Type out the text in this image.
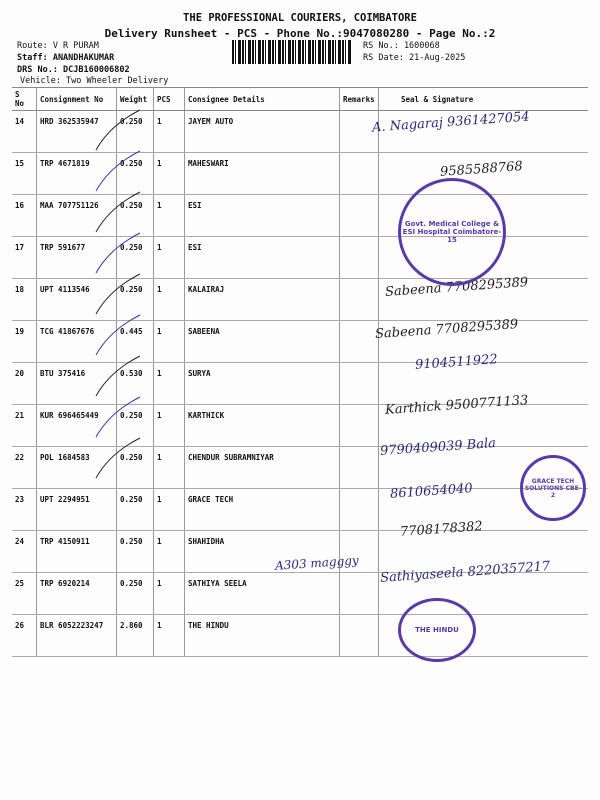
THE PROFESSIONAL COURIERS, COIMBATORE
Delivery Runsheet - PCS - Phone No.:9047080280 - Page No.:2
Route: V R PURAM
Staff: ANANDHAKUMAR
DRS No.: DCJB160006802
Vehicle: Two Wheeler Delivery
RS No.: 1600068
RS Date: 21-Aug-2025
S No	Consignment No	Weight	PCS	Consignee Details	Remarks	Seal & Signature
14	HRD 362535947	0.250	1	JAYEM AUTO		
15	TRP 4671819	0.250	1	MAHESWARI		
16	MAA 707751126	0.250	1	ESI		
17	TRP 591677	0.250	1	ESI		
18	UPT 4113546	0.250	1	KALAIRAJ		
19	TCG 41867676	0.445	1	SABEENA		
20	BTU 375416	0.530	1	SURYA		
21	KUR 696465449	0.250	1	KARTHICK		
22	POL 1684583	0.250	1	CHENDUR SUBRAMNIYAR		
23	UPT 2294951	0.250	1	GRACE TECH		
24	TRP 4150911	0.250	1	SHAHIDHA		
25	TRP 6920214	0.250	1	SATHIYA SEELA		
26	BLR 6052223247	2.860	1	THE HINDU		
A. Nagaraj 9361427054
9585588768
Sabeena 7708295389
Sabeena 7708295389
9104511922
Karthick 9500771133
9790409039 Bala
8610654040
7708178382
Sathiyaseela 8220357217
A303 magggy
Govt. Medical College & ESI Hospital Coimbatore-15
GRACE TECH SOLUTIONS CBE-2
THE HINDU
